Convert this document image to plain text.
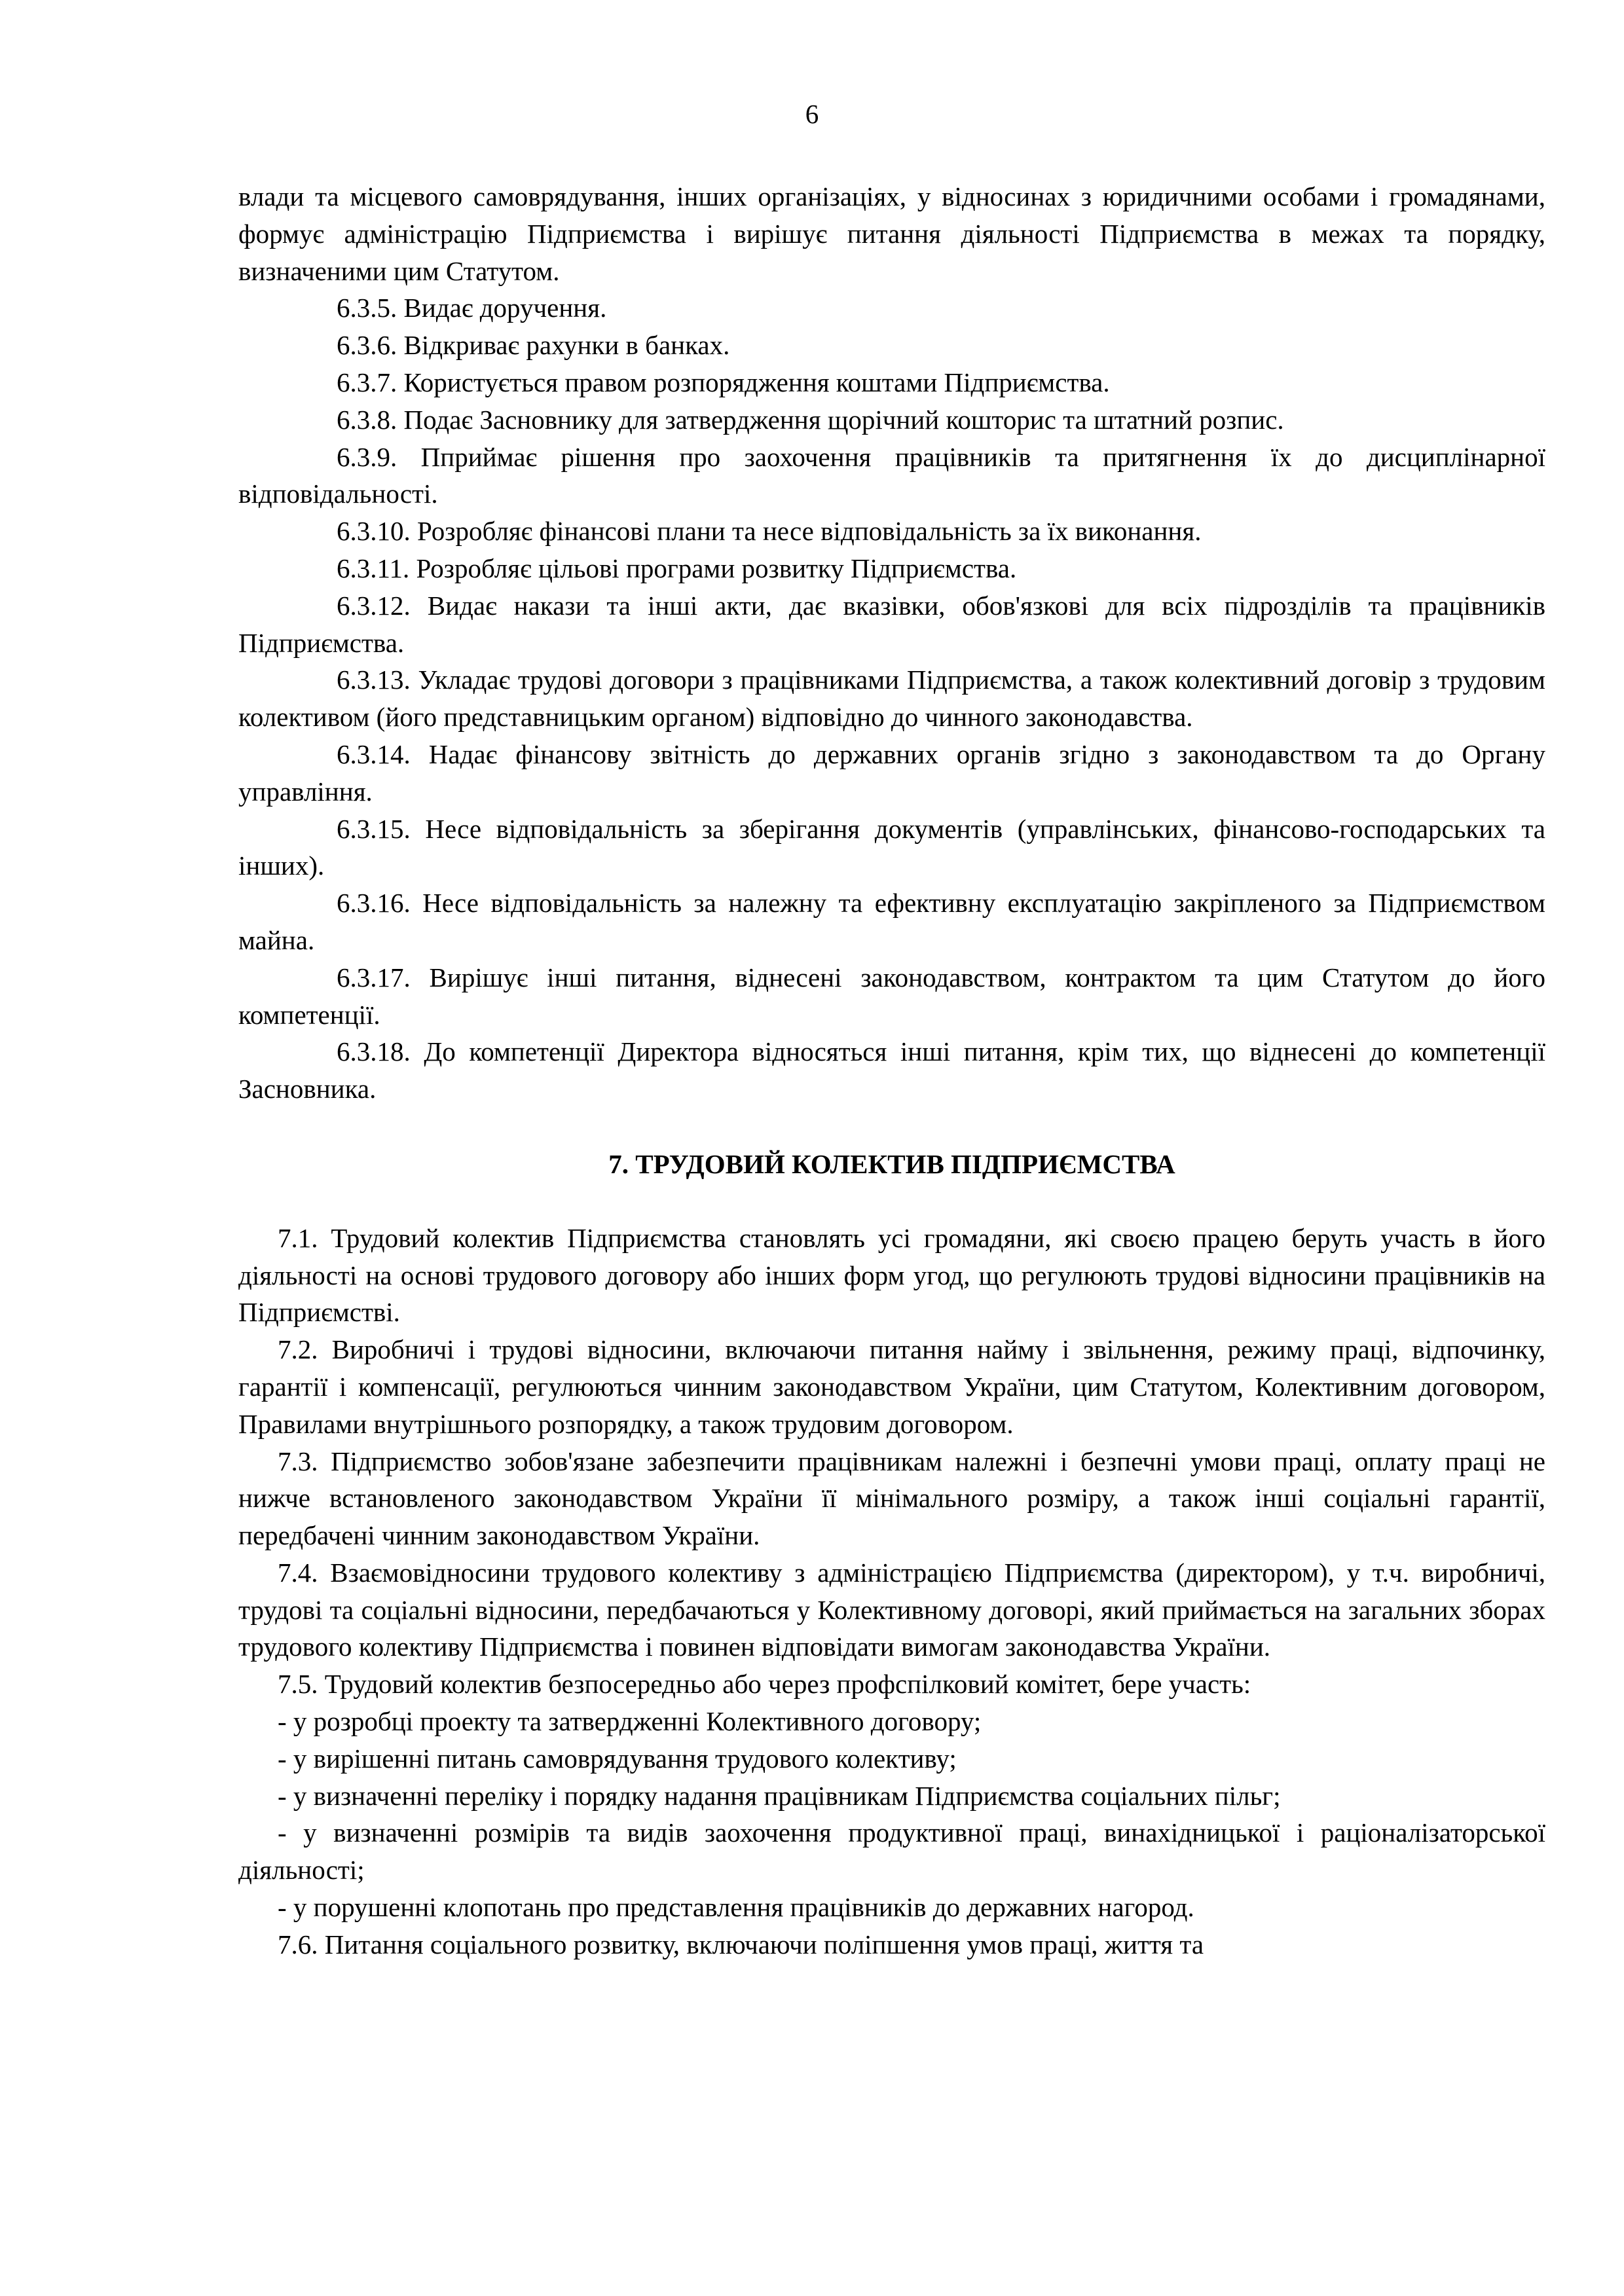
6

влади та місцевого самоврядування, інших організаціях, у відносинах з юридичними особами і громадянами, формує адміністрацію Підприємства і вирішує питання діяльності Підприємства в межах та порядку, визначеними цим Статутом.

6.3.5. Видає доручення.

6.3.6. Відкриває рахунки в банках.

6.3.7. Користується правом розпорядження коштами Підприємства.

6.3.8. Подає Засновнику для затвердження щорічний кошторис та штатний розпис.

6.3.9. Пприймає рішення про заохочення працівників та притягнення їх до дисциплінарної відповідальності.

6.3.10. Розробляє фінансові плани та несе відповідальність за їх виконання.

6.3.11. Розробляє цільові програми розвитку Підприємства.

6.3.12. Видає накази та інші акти, дає вказівки, обов'язкові для всіх підрозділів та працівників Підприємства.

6.3.13. Укладає трудові договори з працівниками Підприємства, а також колективний договір з трудовим колективом (його представницьким органом) відповідно до чинного законодавства.

6.3.14. Надає фінансову звітність до державних органів згідно з законодавством та до Органу управління.

6.3.15. Несе відповідальність за зберігання документів (управлінських, фінансово-господарських та інших).

6.3.16. Несе відповідальність за належну та ефективну експлуатацію закріпленого за Підприємством майна.

6.3.17. Вирішує інші питання, віднесені законодавством, контрактом та цим Статутом до його компетенції.

6.3.18. До компетенції Директора відносяться інші питання, крім тих, що віднесені до компетенції Засновника.

7. ТРУДОВИЙ КОЛЕКТИВ ПІДПРИЄМСТВА

7.1. Трудовий колектив Підприємства становлять усі громадяни, які своєю працею беруть участь в його діяльності на основі трудового договору або інших форм угод, що регулюють трудові відносини працівників на Підприємстві.

7.2. Виробничі і трудові відносини, включаючи питання найму і звільнення, режиму праці, відпочинку, гарантії і компенсації, регулюються чинним законодавством України, цим Статутом, Колективним договором, Правилами внутрішнього розпорядку, а також трудовим договором.

7.3. Підприємство зобов'язане забезпечити працівникам належні і безпечні умови праці, оплату праці не нижче встановленого законодавством України її мінімального розміру, а також інші соціальні гарантії, передбачені чинним законодавством України.

7.4. Взаємовідносини трудового колективу з адміністрацією Підприємства (директором), у т.ч. виробничі, трудові та соціальні відносини, передбачаються у Колективному договорі, який приймається на загальних зборах трудового колективу Підприємства і повинен відповідати вимогам законодавства України.

7.5. Трудовий колектив безпосередньо або через профспілковий комітет, бере участь:

- у розробці проекту та затвердженні Колективного договору;

- у вирішенні питань самоврядування трудового колективу;

- у визначенні переліку і порядку надання працівникам Підприємства соціальних пільг;

- у визначенні розмірів та видів заохочення продуктивної праці, винахідницької і раціоналізаторської діяльності;

- у порушенні клопотань про представлення працівників до державних нагород.

7.6. Питання соціального розвитку, включаючи поліпшення умов праці, життя та
